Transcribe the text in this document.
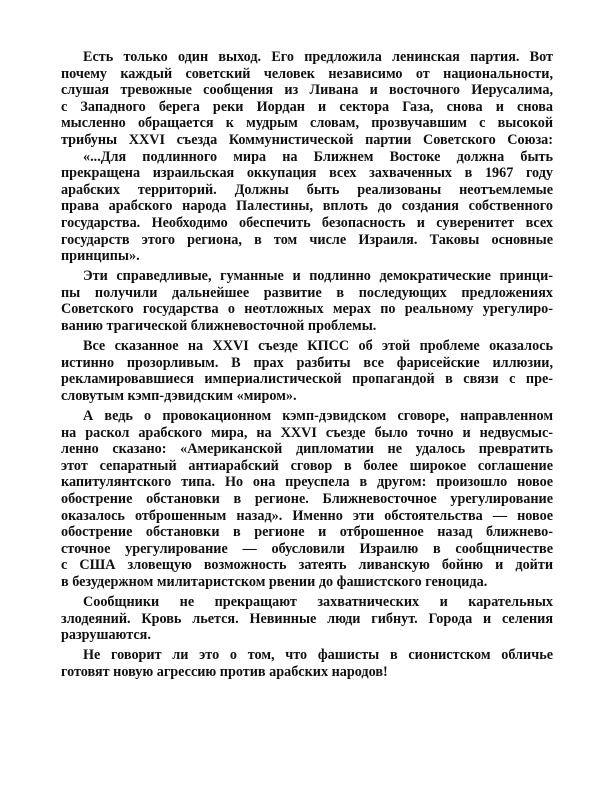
Есть только один выход. Его предложила ленинская партия. Вот
почему каждый советский человек независимо от национальности,
слушая тревожные сообщения из Ливана и восточного Иерусалима,
с Западного берега реки Иордан и сектора Газа, снова и снова
мысленно обращается к мудрым словам, прозвучавшим с высокой
трибуны XXVI съезда Коммунистической партии Советского Союза:
«...Для подлинного мира на Ближнем Востоке должна быть
прекращена израильская оккупация всех захваченных в 1967 году
арабских территорий. Должны быть реализованы неотъемлемые
права арабского народа Палестины, вплоть до создания собственного
государства. Необходимо обеспечить безопасность и суверенитет всех
государств этого региона, в том числе Израиля. Таковы основные
принципы».
Эти справедливые, гуманные и подлинно демократические принци-
пы получили дальнейшее развитие в последующих предложениях
Советского государства о неотложных мерах по реальному урегулиро-
ванию трагической ближневосточной проблемы.
Все сказанное на XXVI съезде КПСС об этой проблеме оказалось
истинно прозорливым. В прах разбиты все фарисейские иллюзии,
рекламировавшиеся империалистической пропагандой в связи с пре-
словутым кэмп-дэвидским «миром».
А ведь о провокационном кэмп-дэвидском сговоре, направленном
на раскол арабского мира, на XXVI съезде было точно и недвусмыс-
ленно сказано: «Американской дипломатии не удалось превратить
этот сепаратный антиарабский сговор в более широкое соглашение
капитулянтского типа. Но она преуспела в другом: произошло новое
обострение обстановки в регионе. Ближневосточное урегулирование
оказалось отброшенным назад». Именно эти обстоятельства — новое
обострение обстановки в регионе и отброшенное назад ближнево-
сточное урегулирование — обусловили Израилю в сообщничестве
с США зловещую возможность затеять ливанскую бойню и дойти
в безудержном милитаристском рвении до фашистского геноцида.
Сообщники не прекращают захватнических и карательных
злодеяний. Кровь льется. Невинные люди гибнут. Города и селения
разрушаются.
Не говорит ли это о том, что фашисты в сионистском обличье
готовят новую агрессию против арабских народов!
